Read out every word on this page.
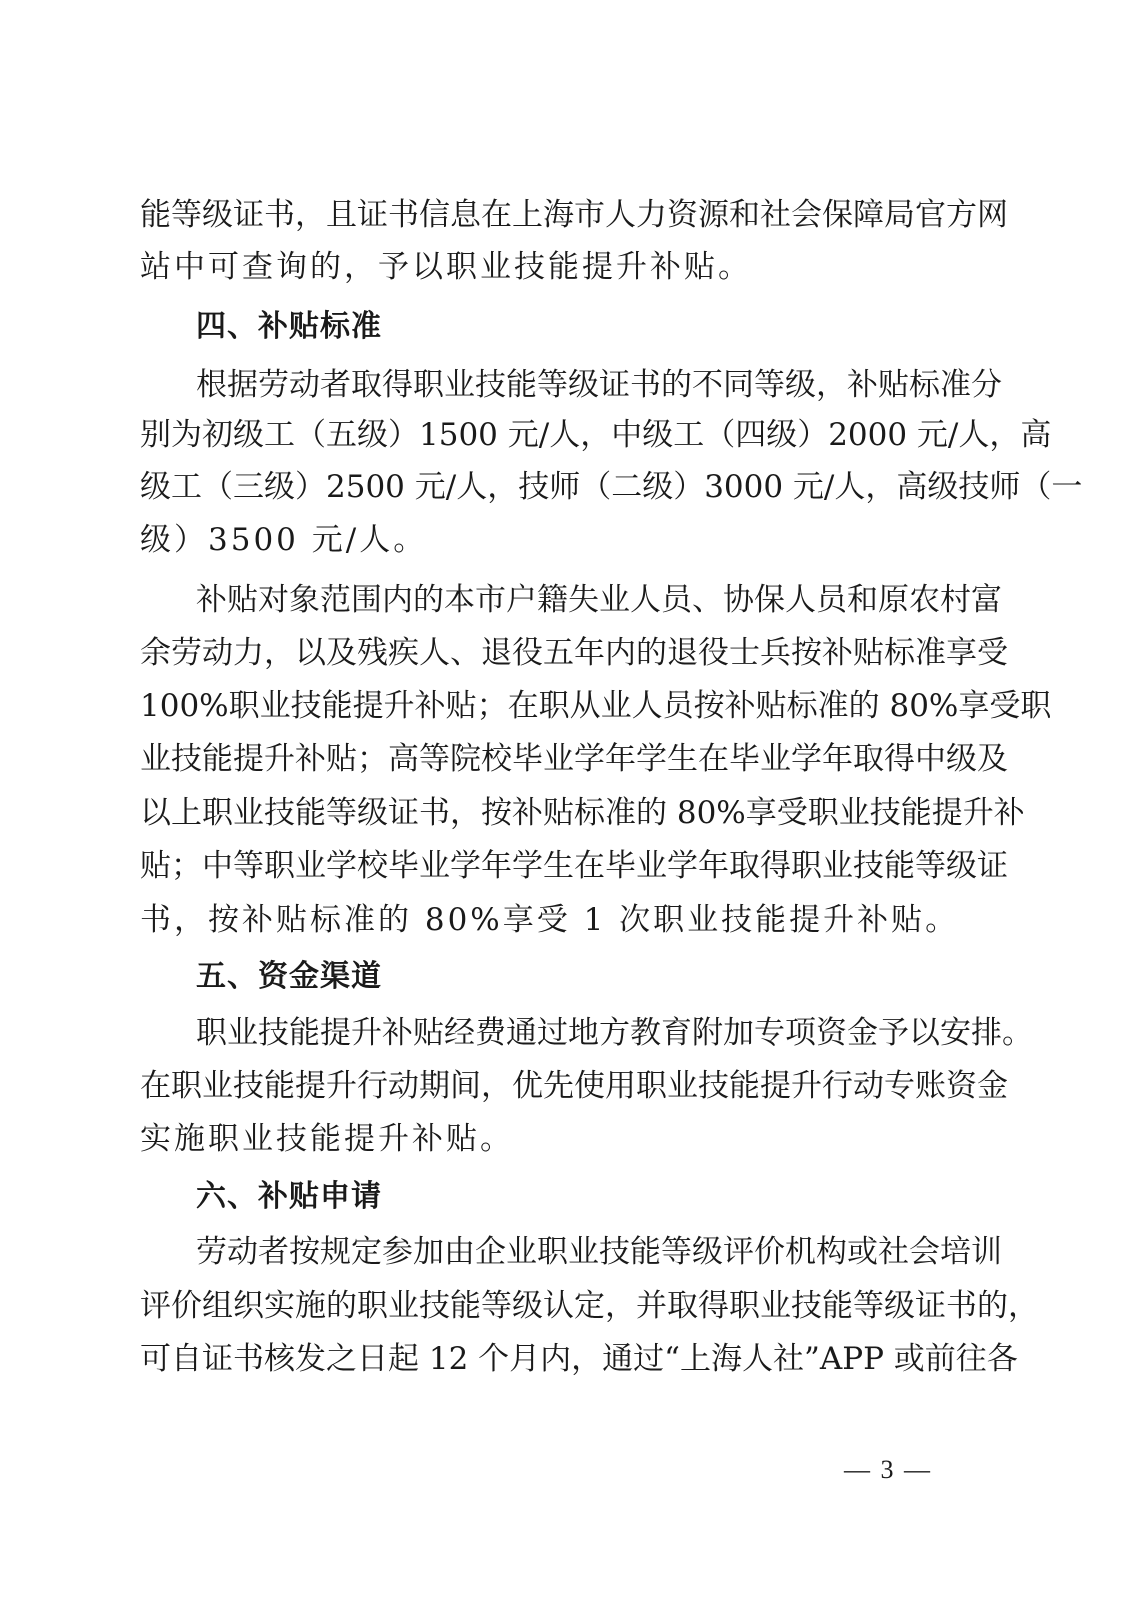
能等级证书，且证书信息在上海市人力资源和社会保障局官方网
站中可查询的，予以职业技能提升补贴。
四、补贴标准
根据劳动者取得职业技能等级证书的不同等级，补贴标准分
别为初级工（五级）1500 元/人，中级工（四级）2000 元/人，高
级工（三级）2500 元/人，技师（二级）3000 元/人，高级技师（一
级）3500 元/人。
补贴对象范围内的本市户籍失业人员、协保人员和原农村富
余劳动力，以及残疾人、退役五年内的退役士兵按补贴标准享受
100%职业技能提升补贴；在职从业人员按补贴标准的 80%享受职
业技能提升补贴；高等院校毕业学年学生在毕业学年取得中级及
以上职业技能等级证书，按补贴标准的 80%享受职业技能提升补
贴；中等职业学校毕业学年学生在毕业学年取得职业技能等级证
书，按补贴标准的 80%享受 1 次职业技能提升补贴。
五、资金渠道
职业技能提升补贴经费通过地方教育附加专项资金予以安排。
在职业技能提升行动期间，优先使用职业技能提升行动专账资金
实施职业技能提升补贴。
六、补贴申请
劳动者按规定参加由企业职业技能等级评价机构或社会培训
评价组织实施的职业技能等级认定，并取得职业技能等级证书的，
可自证书核发之日起 12 个月内，通过“上海人社”APP 或前往各
— 3 —
